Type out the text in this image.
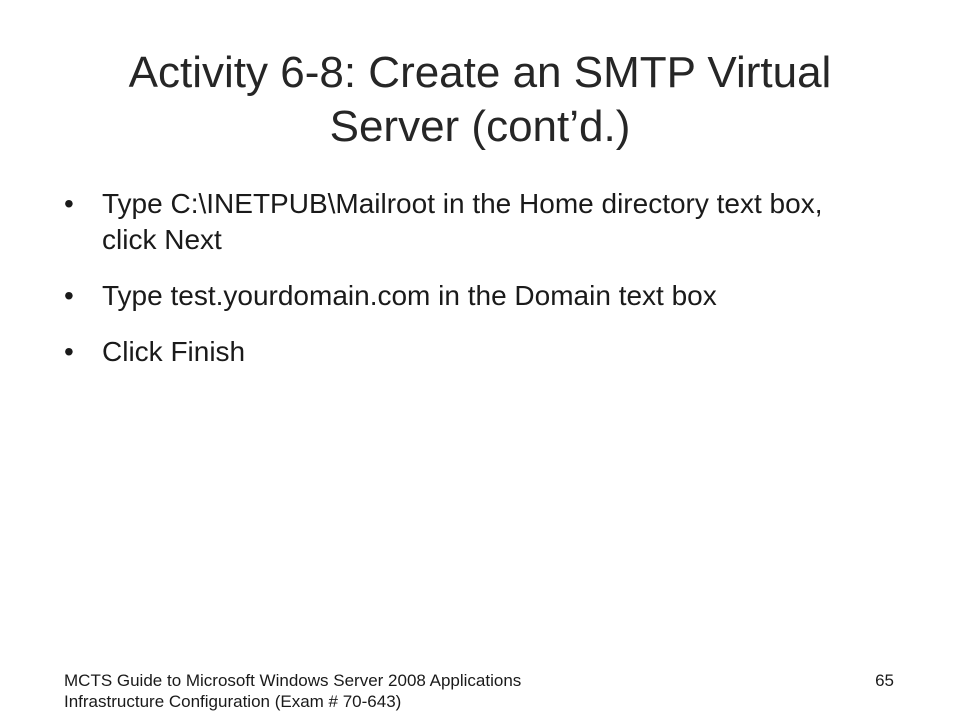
Activity 6-8: Create an SMTP Virtual Server (cont’d.)
• Type C:\INETPUB\Mailroot in the Home directory text box, click Next
• Type test.yourdomain.com in the Domain text box
• Click Finish
MCTS Guide to Microsoft Windows Server 2008 Applications
Infrastructure Configuration (Exam # 70-643)
65
